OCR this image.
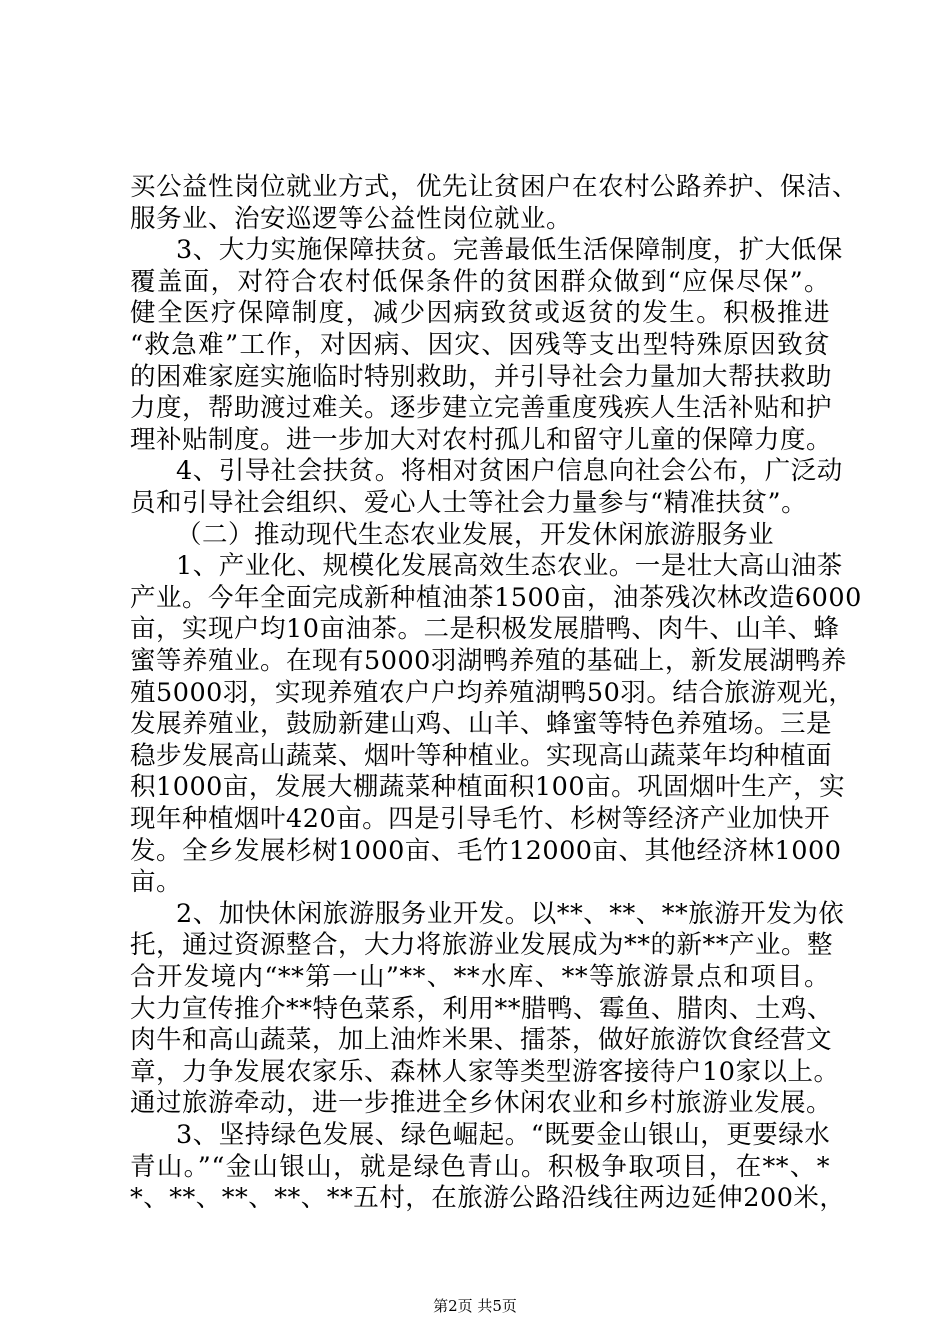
买公益性岗位就业方式，优先让贫困户在农村公路养护、保洁、
服务业、治安巡逻等公益性岗位就业。
3、大力实施保障扶贫。完善最低生活保障制度，扩大低保
覆盖面，对符合农村低保条件的贫困群众做到“应保尽保”。
健全医疗保障制度，减少因病致贫或返贫的发生。积极推进
“救急难”工作，对因病、因灾、因残等支出型特殊原因致贫
的困难家庭实施临时特别救助，并引导社会力量加大帮扶救助
力度，帮助渡过难关。逐步建立完善重度残疾人生活补贴和护
理补贴制度。进一步加大对农村孤儿和留守儿童的保障力度。
4、引导社会扶贫。将相对贫困户信息向社会公布，广泛动
员和引导社会组织、爱心人士等社会力量参与“精准扶贫”。
（二）推动现代生态农业发展，开发休闲旅游服务业
1、产业化、规模化发展高效生态农业。一是壮大高山油茶
产业。今年全面完成新种植油茶1500亩，油茶残次林改造6000
亩，实现户均10亩油茶。二是积极发展腊鸭、肉牛、山羊、蜂
蜜等养殖业。在现有5000羽湖鸭养殖的基础上，新发展湖鸭养
殖5000羽，实现养殖农户户均养殖湖鸭50羽。结合旅游观光，
发展养殖业，鼓励新建山鸡、山羊、蜂蜜等特色养殖场。三是
稳步发展高山蔬菜、烟叶等种植业。实现高山蔬菜年均种植面
积1000亩，发展大棚蔬菜种植面积100亩。巩固烟叶生产，实
现年种植烟叶420亩。四是引导毛竹、杉树等经济产业加快开
发。全乡发展杉树1000亩、毛竹12000亩、其他经济林1000
亩。
2、加快休闲旅游服务业开发。以**、**、**旅游开发为依
托，通过资源整合，大力将旅游业发展成为**的新**产业。整
合开发境内“**第一山”**、**水库、**等旅游景点和项目。
大力宣传推介**特色菜系，利用**腊鸭、霉鱼、腊肉、土鸡、
肉牛和高山蔬菜，加上油炸米果、擂茶，做好旅游饮食经营文
章，力争发展农家乐、森林人家等类型游客接待户10家以上。
通过旅游牵动，进一步推进全乡休闲农业和乡村旅游业发展。
3、坚持绿色发展、绿色崛起。“既要金山银山，更要绿水
青山。”“金山银山，就是绿色青山。积极争取项目，在**、*
*、**、**、**、**五村，在旅游公路沿线往两边延伸200米，
第2页 共5页
